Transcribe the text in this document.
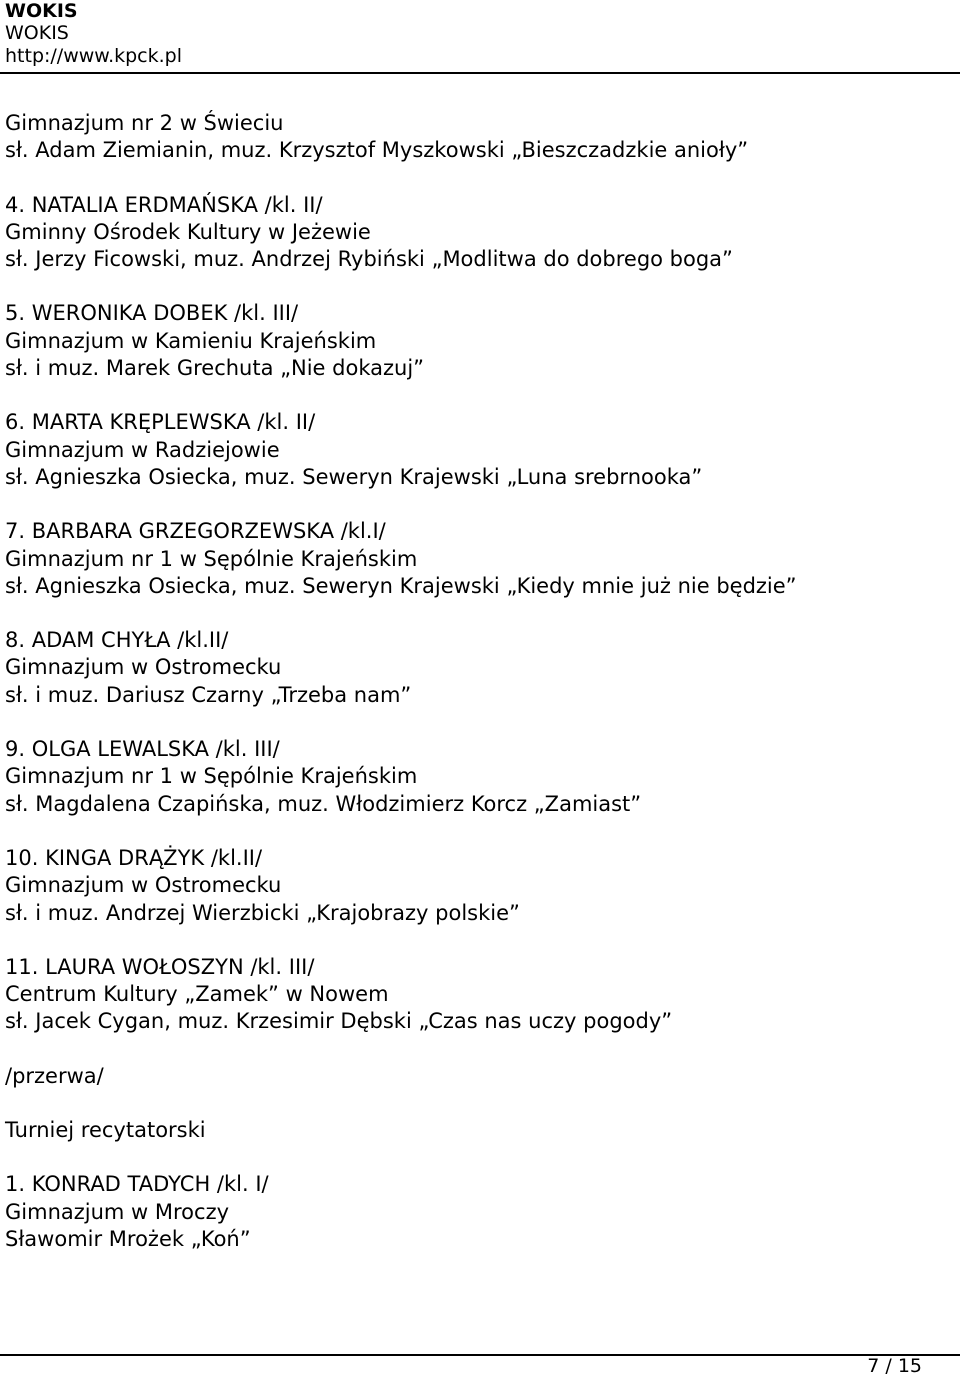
WOKIS
WOKIS
http://www.kpck.pl
Gimnazjum nr 2 w Świeciu
sł. Adam Ziemianin, muz. Krzysztof Myszkowski „Bieszczadzkie anioły”
4. NATALIA ERDMAŃSKA /kl. II/
Gminny Ośrodek Kultury w Jeżewie
sł. Jerzy Ficowski, muz. Andrzej Rybiński „Modlitwa do dobrego boga”
5. WERONIKA DOBEK /kl. III/
Gimnazjum w Kamieniu Krajeńskim
sł. i muz. Marek Grechuta „Nie dokazuj”
6. MARTA KRĘPLEWSKA /kl. II/
Gimnazjum w Radziejowie
sł. Agnieszka Osiecka, muz. Seweryn Krajewski „Luna srebrnooka”
7. BARBARA GRZEGORZEWSKA /kl.I/
Gimnazjum nr 1 w Sępólnie Krajeńskim
sł. Agnieszka Osiecka, muz. Seweryn Krajewski „Kiedy mnie już nie będzie”
8. ADAM CHYŁA /kl.II/
Gimnazjum w Ostromecku
sł. i muz. Dariusz Czarny „Trzeba nam”
9. OLGA LEWALSKA /kl. III/
Gimnazjum nr 1 w Sępólnie Krajeńskim
sł. Magdalena Czapińska, muz. Włodzimierz Korcz „Zamiast”
10. KINGA DRĄŻYK /kl.II/
Gimnazjum w Ostromecku
sł. i muz. Andrzej Wierzbicki „Krajobrazy polskie”
11. LAURA WOŁOSZYN /kl. III/
Centrum Kultury „Zamek” w Nowem
sł. Jacek Cygan, muz. Krzesimir Dębski „Czas nas uczy pogody”
/przerwa/
Turniej recytatorski
1. KONRAD TADYCH /kl. I/
Gimnazjum w Mroczy
Sławomir Mrożek „Koń”
7 / 15
